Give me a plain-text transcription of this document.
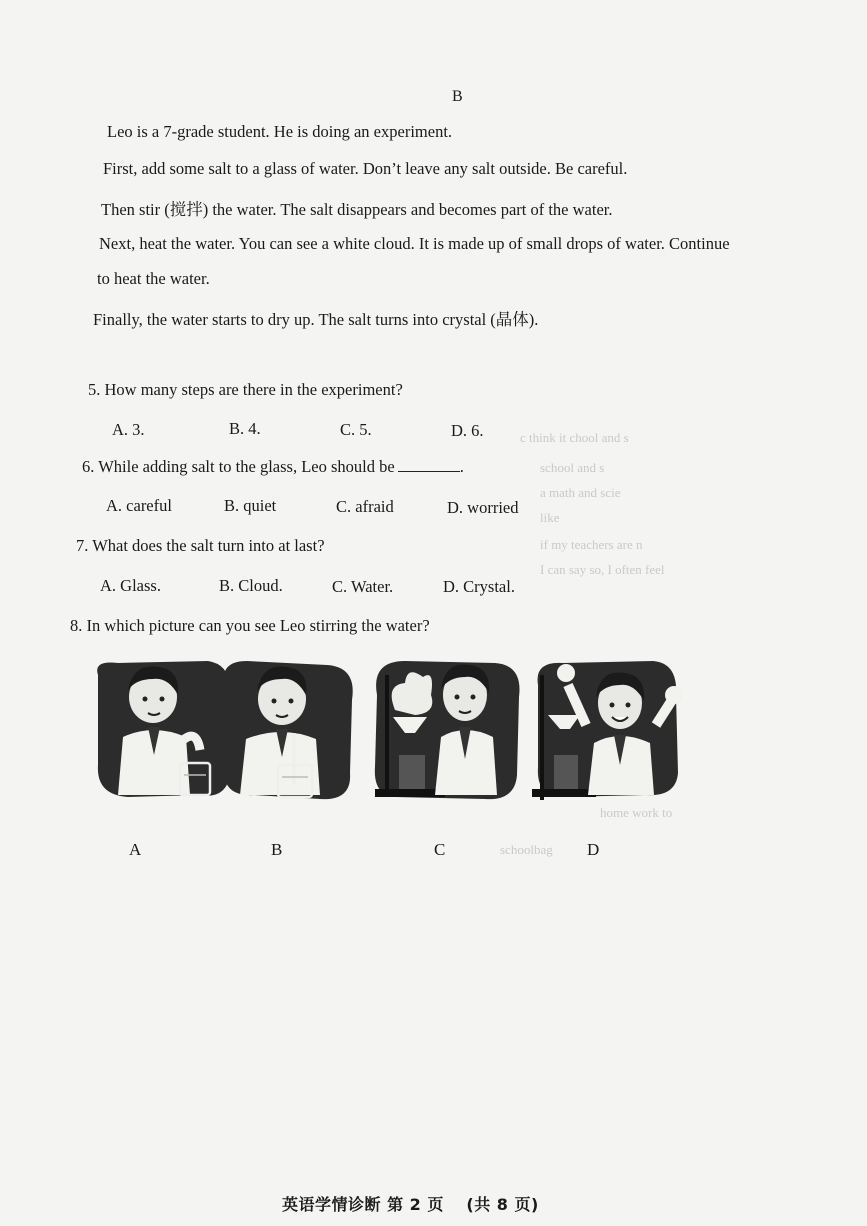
c think it chool and s
school and s
a math and scie
like
if my teachers are n
I can say so, I often feel
home work to
schoolbag
B
Leo is a 7-grade student. He is doing an experiment.
First, add some salt to a glass of water. Don’t leave any salt outside. Be careful.
Then stir (搅拌) the water. The salt disappears and becomes part of the water.
Next, heat the water. You can see a white cloud. It is made up of small drops of water. Continue
to heat the water.
Finally, the water starts to dry up. The salt turns into crystal (晶体).
5. How many steps are there in the experiment?
A. 3.	B. 4.	C. 5.	D. 6.
6. While adding salt to the glass, Leo should be	.
A. careful	B. quiet	C. afraid	D. worried
7. What does the salt turn into at last?
A. Glass.	B. Cloud.	C. Water.	D. Crystal.
8. In which picture can you see Leo stirring the water?
A	B	C	D
英语学情诊断 第 2 页 　(共 8 页)
